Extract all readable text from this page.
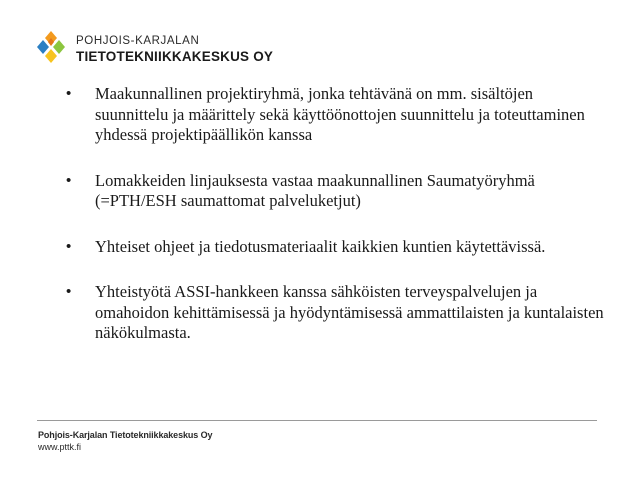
POHJOIS-KARJALAN
TIETOTEKNIIKKAKESKUS OY
• Maakunnallinen projektiryhmä, jonka tehtävänä on mm. sisältöjen suunnittelu ja määrittely sekä käyttöönottojen suunnittelu ja toteuttaminen yhdessä projektipäällikön kanssa
• Lomakkeiden linjauksesta vastaa maakunnallinen Saumatyöryhmä (=PTH/ESH saumattomat palveluketjut)
• Yhteiset ohjeet ja tiedotusmateriaalit kaikkien kuntien käytettävissä.
• Yhteistyötä ASSI-hankkeen kanssa sähköisten terveyspalvelujen ja omahoidon kehittämisessä ja hyödyntämisessä ammattilaisten ja kuntalaisten näkökulmasta.
Pohjois-Karjalan Tietotekniikkakeskus Oy
www.pttk.fi
